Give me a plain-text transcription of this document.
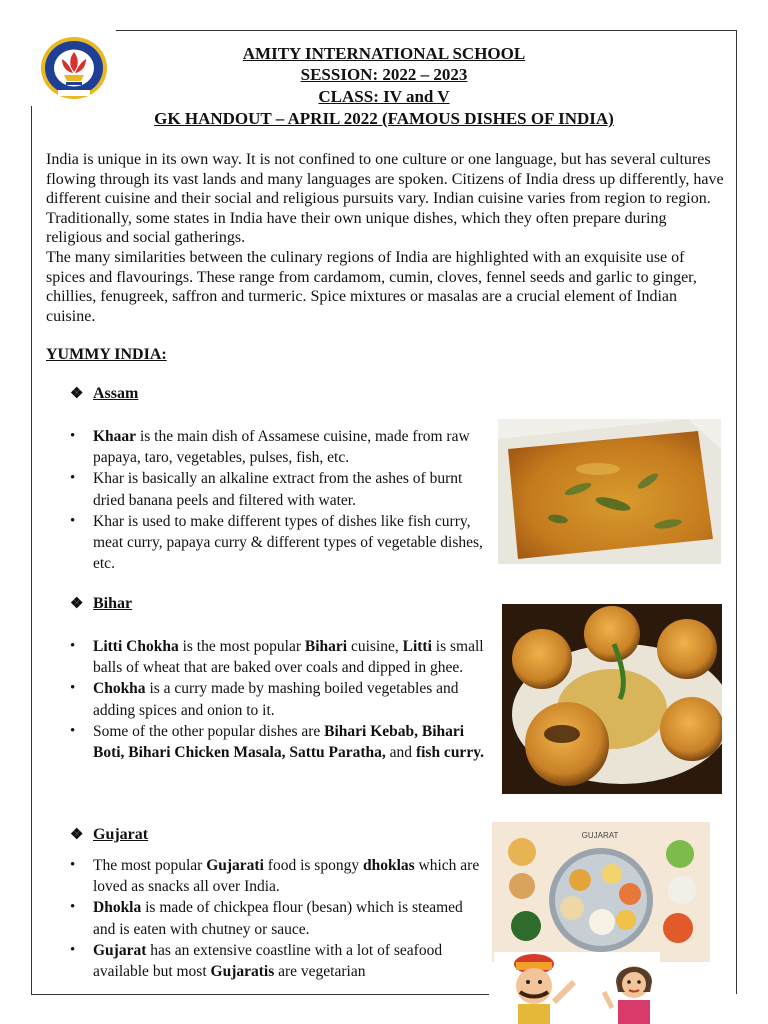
AMITY INTERNATIONAL SCHOOL
SESSION: 2022 – 2023
CLASS: IV and V
GK HANDOUT – APRIL 2022 (FAMOUS DISHES OF INDIA)

India is unique in its own way. It is not confined to one culture or one language, but has several cultures flowing through its vast lands and many languages are spoken. Citizens of India dress up differently, have different cuisine and their social and religious pursuits vary. Indian cuisine varies from region to region. Traditionally, some states in India have their own unique dishes, which they often prepare during religious and social gatherings.

The many similarities between the culinary regions of India are highlighted with an exquisite use of spices and flavourings. These range from cardamom, cumin, cloves, fennel seeds and garlic to ginger, chillies, fenugreek, saffron and turmeric. Spice mixtures or masalas are a crucial element of Indian cuisine.

YUMMY INDIA:
❖ Assam
• Khaar is the main dish of Assamese cuisine, made from raw papaya, taro, vegetables, pulses, fish, etc.
• Khar is basically an alkaline extract from the ashes of burnt dried banana peels and filtered with water.
• Khar is used to make different types of dishes like fish curry, meat curry, papaya curry & different types of vegetable dishes, etc.
❖ Bihar
• Litti Chokha is the most popular Bihari cuisine, Litti is small balls of wheat that are baked over coals and dipped in ghee.
• Chokha is a curry made by mashing boiled vegetables and adding spices and onion to it.
• Some of the other popular dishes are Bihari Kebab, Bihari Boti, Bihari Chicken Masala, Sattu Paratha, and fish curry.
❖ Gujarat
• The most popular Gujarati food is spongy dhoklas which are loved as snacks all over India.
• Dhokla is made of chickpea flour (besan) which is steamed and is eaten with chutney or sauce.
• Gujarat has an extensive coastline with a lot of seafood available but most Gujaratis are vegetarian
GUJARAT
